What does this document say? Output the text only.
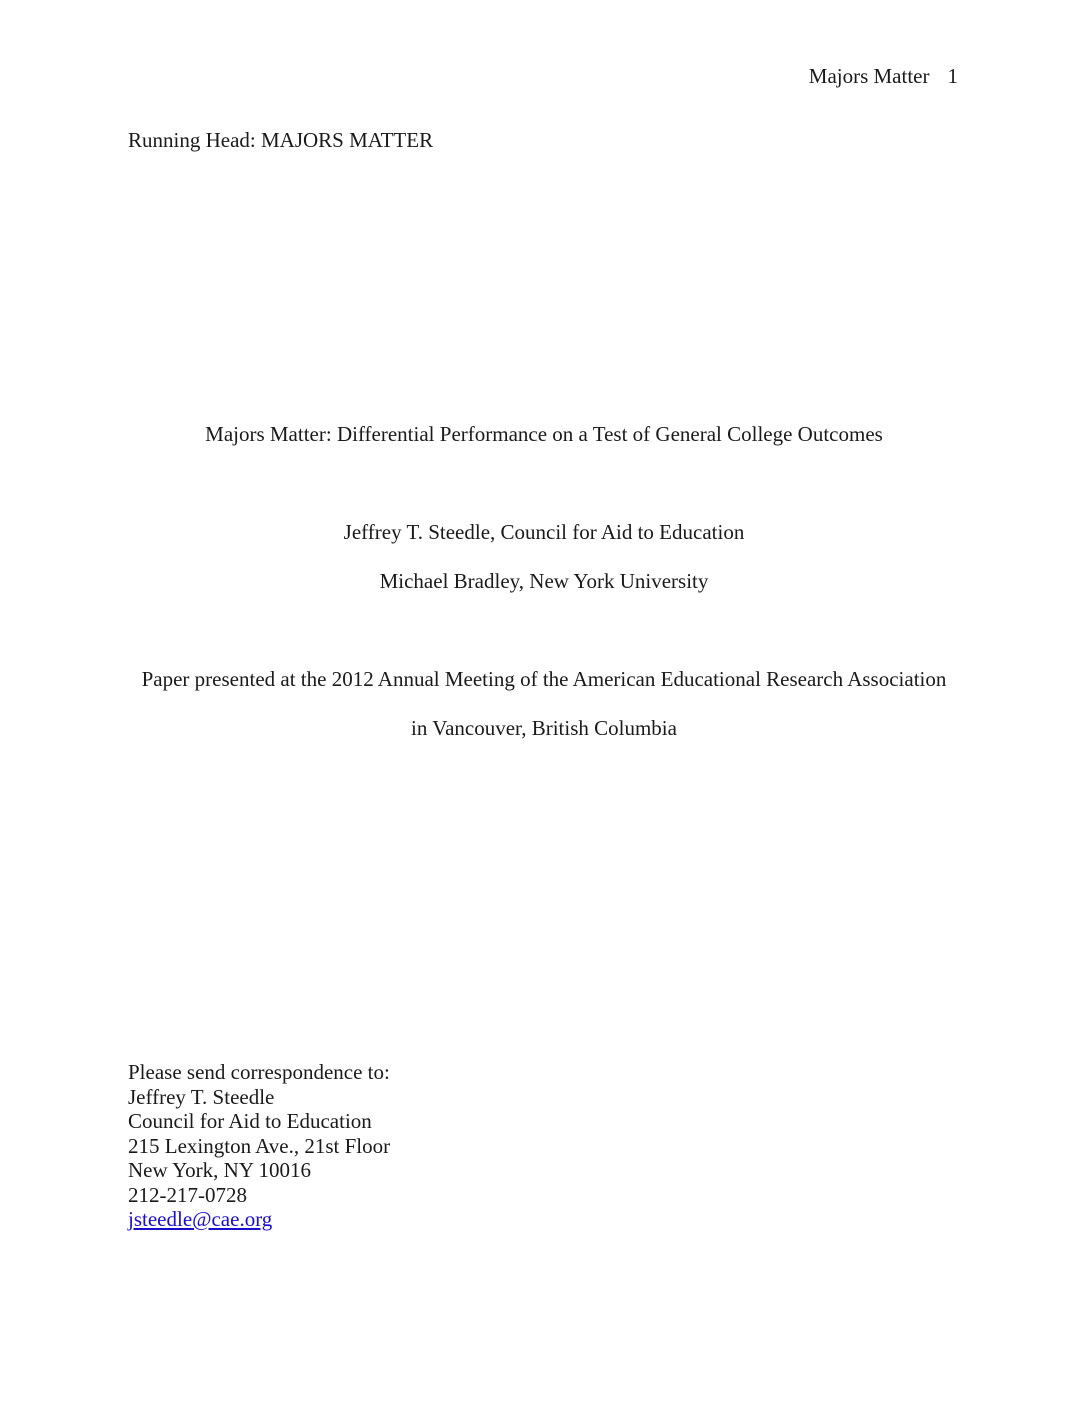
Majors Matter 1
Running Head: MAJORS MATTER
Majors Matter: Differential Performance on a Test of General College Outcomes
Jeffrey T. Steedle, Council for Aid to Education
Michael Bradley, New York University
Paper presented at the 2012 Annual Meeting of the American Educational Research Association
in Vancouver, British Columbia
Please send correspondence to:
Jeffrey T. Steedle
Council for Aid to Education
215 Lexington Ave., 21st Floor
New York, NY 10016
212-217-0728
jsteedle@cae.org
